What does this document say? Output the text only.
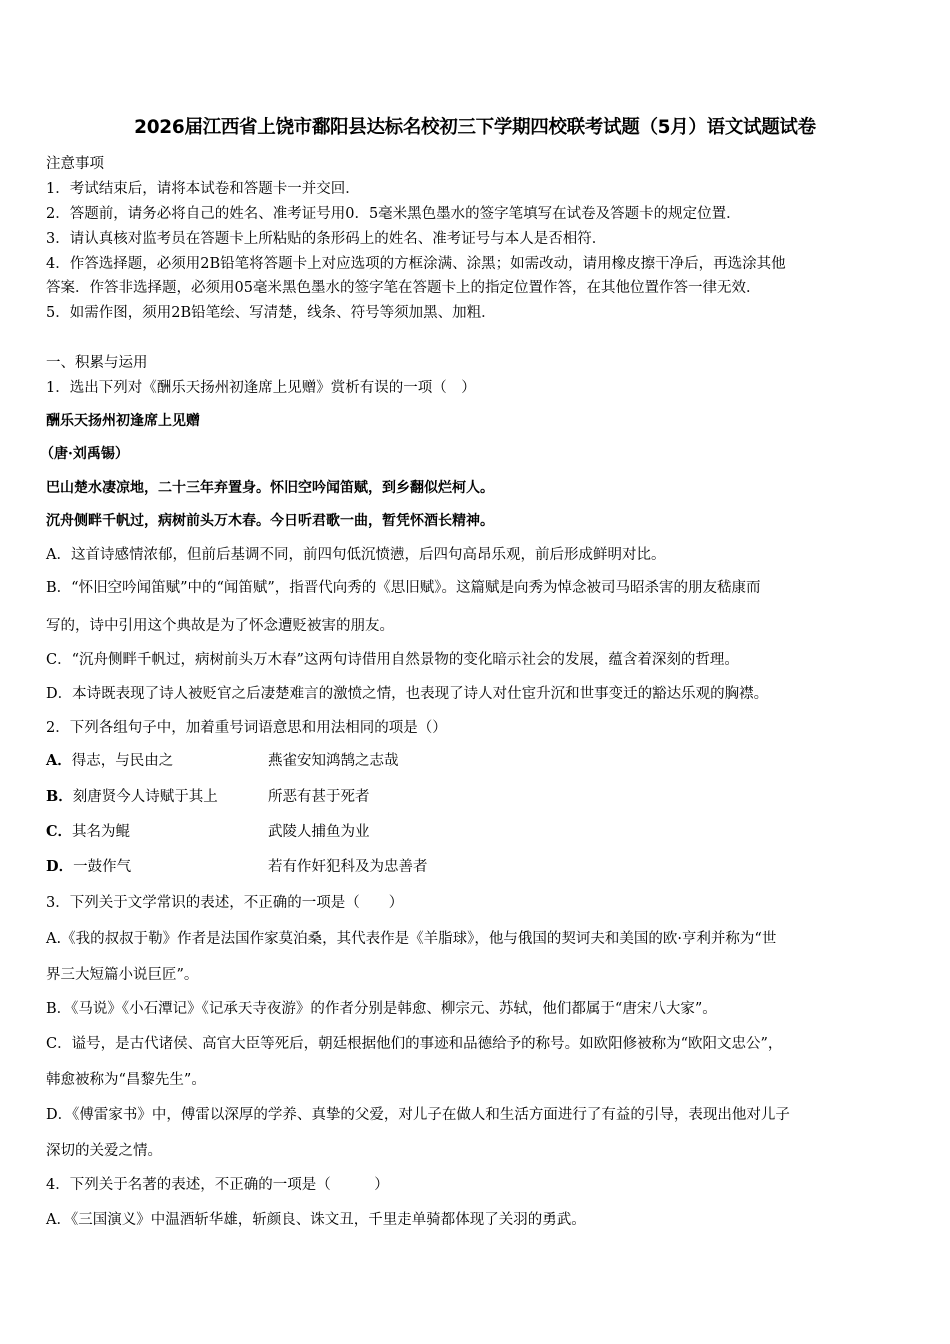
2026届江西省上饶市鄱阳县达标名校初三下学期四校联考试题（5月）语文试题试卷
注意事项
1．考试结束后，请将本试卷和答题卡一并交回．
2．答题前，请务必将自己的姓名、准考证号用0．5毫米黑色墨水的签字笔填写在试卷及答题卡的规定位置．
3．请认真核对监考员在答题卡上所粘贴的条形码上的姓名、准考证号与本人是否相符．
4．作答选择题，必须用2B铅笔将答题卡上对应选项的方框涂满、涂黑；如需改动，请用橡皮擦干净后，再选涂其他
答案．作答非选择题，必须用05毫米黑色墨水的签字笔在答题卡上的指定位置作答，在其他位置作答一律无效．
5．如需作图，须用2B铅笔绘、写清楚，线条、符号等须加黑、加粗．
一、积累与运用
1．选出下列对《酬乐天扬州初逢席上见赠》赏析有误的一项（　）
酬乐天扬州初逢席上见赠
（唐·刘禹锡）
巴山楚水凄凉地，二十三年弃置身。怀旧空吟闻笛赋，到乡翻似烂柯人。
沉舟侧畔千帆过，病树前头万木春。今日听君歌一曲，暂凭怀酒长精神。
A．这首诗感情浓郁，但前后基调不同，前四句低沉愤懑，后四句高昂乐观，前后形成鲜明对比。
B．“怀旧空吟闻笛赋”中的“闻笛赋”，指晋代向秀的《思旧赋》。这篇赋是向秀为悼念被司马昭杀害的朋友嵇康而
写的，诗中引用这个典故是为了怀念遭贬被害的朋友。
C．“沉舟侧畔千帆过，病树前头万木春”这两句诗借用自然景物的变化暗示社会的发展，蕴含着深刻的哲理。
D．本诗既表现了诗人被贬官之后凄楚难言的激愤之情，也表现了诗人对仕宦升沉和世事变迁的豁达乐观的胸襟。
2．下列各组句子中，加着重号词语意思和用法相同的项是（）
A．得志，与民由之	燕雀安知鸿鹄之志哉
B．刻唐贤今人诗赋于其上	所恶有甚于死者
C．其名为鲲	武陵人捕鱼为业
D．一鼓作气	若有作奸犯科及为忠善者
3．下列关于文学常识的表述，不正确的一项是（　　）
A.《我的叔叔于勒》作者是法国作家莫泊桑，其代表作是《羊脂球》，他与俄国的契诃夫和美国的欧·亨利并称为“世
界三大短篇小说巨匠”。
B．《马说》《小石潭记》《记承天寺夜游》的作者分别是韩愈、柳宗元、苏轼，他们都属于“唐宋八大家”。
C．谥号，是古代诸侯、高官大臣等死后，朝廷根据他们的事迹和品德给予的称号。如欧阳修被称为“欧阳文忠公”，
韩愈被称为“昌黎先生”。
D．《傅雷家书》中，傅雷以深厚的学养、真挚的父爱，对儿子在做人和生活方面进行了有益的引导，表现出他对儿子
深切的关爱之情。
4．下列关于名著的表述，不正确的一项是（　　　）
A．《三国演义》中温酒斩华雄，斩颜良、诛文丑，千里走单骑都体现了关羽的勇武。
